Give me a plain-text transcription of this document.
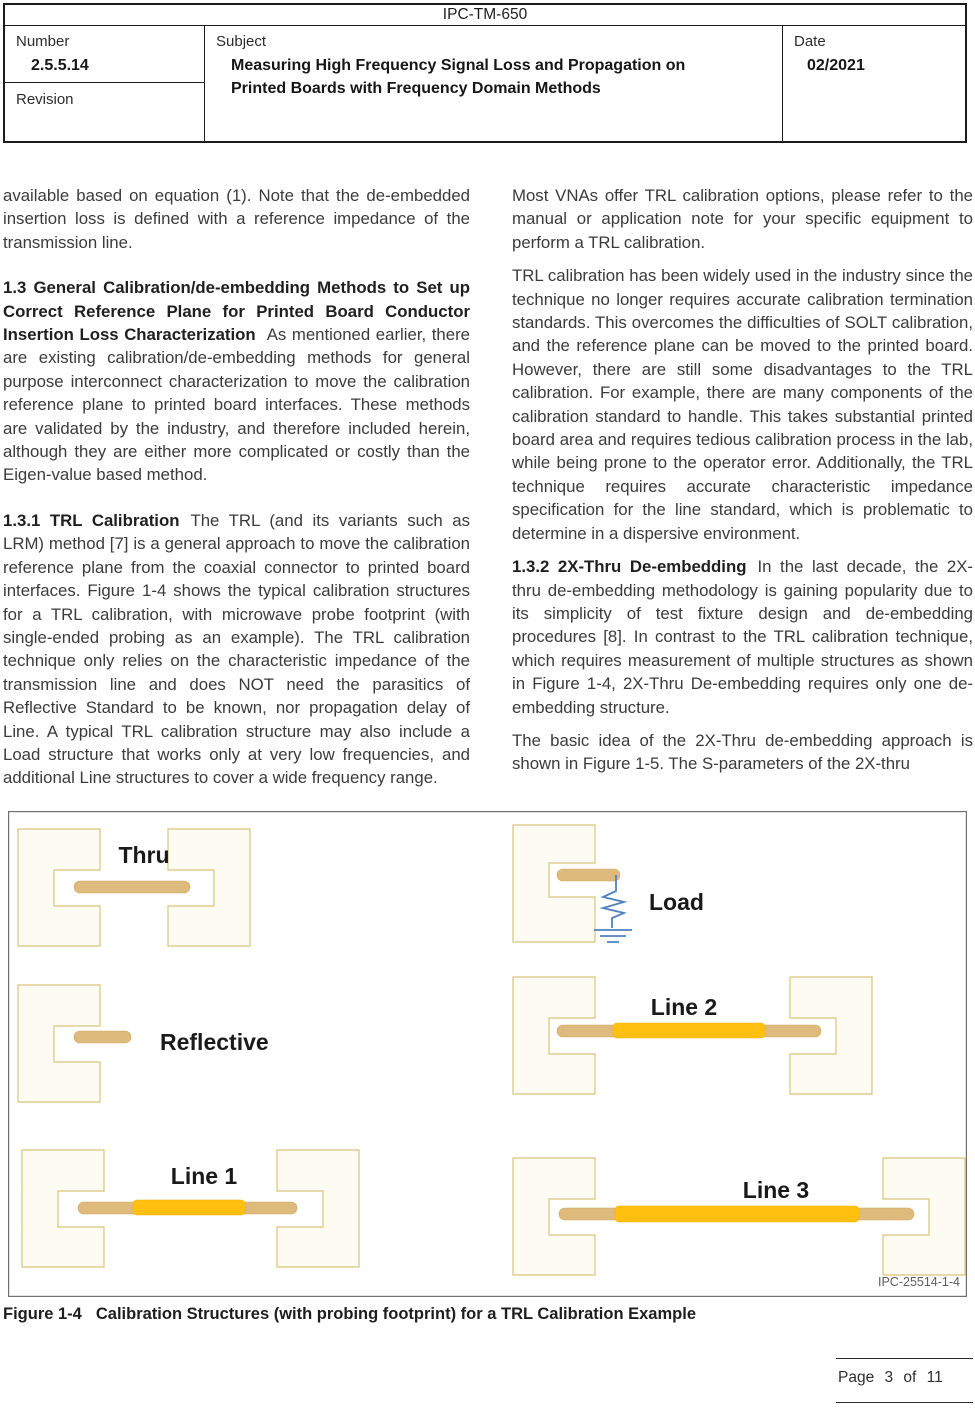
IPC-TM-650
Number
2.5.5.14
Revision
Subject
Measuring High Frequency Signal Loss and Propagation on
Printed Boards with Frequency Domain Methods
Date
02/2021

available based on equation (1). Note that the de-embedded insertion loss is defined with a reference impedance of the transmission line.

1.3 General Calibration/de-embedding Methods to Set up Correct Reference Plane for Printed Board Conductor Insertion Loss Characterization As mentioned earlier, there are existing calibration/de-embedding methods for general purpose interconnect characterization to move the calibration reference plane to printed board interfaces. These methods are validated by the industry, and therefore included herein, although they are either more complicated or costly than the Eigen-value based method.

1.3.1 TRL Calibration The TRL (and its variants such as LRM) method [7] is a general approach to move the calibration reference plane from the coaxial connector to printed board interfaces. Figure 1-4 shows the typical calibration structures for a TRL calibration, with microwave probe footprint (with single-ended probing as an example). The TRL calibration technique only relies on the characteristic impedance of the transmission line and does NOT need the parasitics of Reflective Standard to be known, nor propagation delay of Line. A typical TRL calibration structure may also include a Load structure that works only at very low frequencies, and additional Line structures to cover a wide frequency range.

Most VNAs offer TRL calibration options, please refer to the manual or application note for your specific equipment to perform a TRL calibration.

TRL calibration has been widely used in the industry since the technique no longer requires accurate calibration termination standards. This overcomes the difficulties of SOLT calibration, and the reference plane can be moved to the printed board. However, there are still some disadvantages to the TRL calibration. For example, there are many components of the calibration standard to handle. This takes substantial printed board area and requires tedious calibration process in the lab, while being prone to the operator error. Additionally, the TRL technique requires accurate characteristic impedance specification for the line standard, which is problematic to determine in a dispersive environment.

1.3.2 2X-Thru De-embedding In the last decade, the 2X-thru de-embedding methodology is gaining popularity due to its simplicity of test fixture design and de-embedding procedures [8]. In contrast to the TRL calibration technique, which requires measurement of multiple structures as shown in Figure 1-4, 2X-Thru De-embedding requires only one de-embedding structure.

The basic idea of the 2X-Thru de-embedding approach is shown in Figure 1-5. The S-parameters of the 2X-thru

Thru
Load
Reflective
Line 2
Line 1
Line 3
IPC-25514-1-4
Figure 1-4 Calibration Structures (with probing footprint) for a TRL Calibration Example
Page 3 of 11
